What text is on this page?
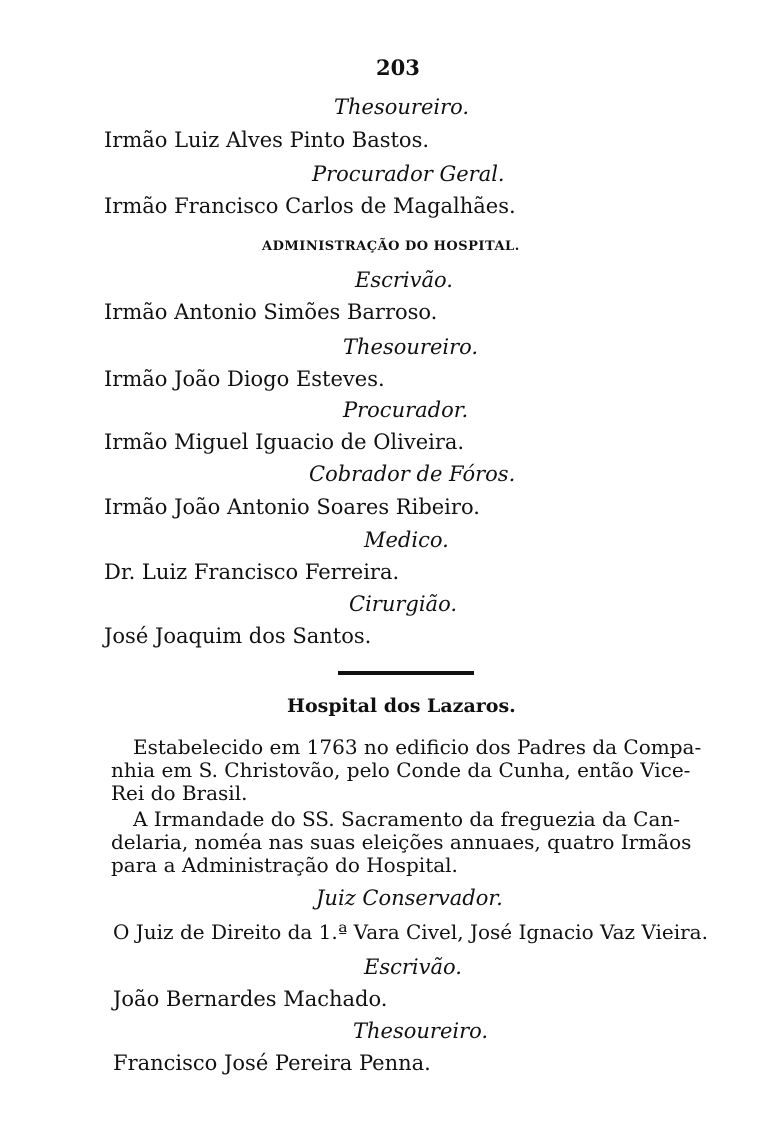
203
Thesoureiro.
Irmão Luiz Alves Pinto Bastos.
Procurador Geral.
Irmão Francisco Carlos de Magalhães.
ADMINISTRAÇÃO DO HOSPITAL.
Escrivão.
Irmão Antonio Simões Barroso.
Thesoureiro.
Irmão João Diogo Esteves.
Procurador.
Irmão Miguel Iguacio de Oliveira.
Cobrador de Fóros.
Irmão João Antonio Soares Ribeiro.
Medico.
Dr. Luiz Francisco Ferreira.
Cirurgião.
José Joaquim dos Santos.
Hospital dos Lazaros.
Estabelecido em 1763 no edificio dos Padres da Compa-
nhia em S. Christovão, pelo Conde da Cunha, então Vice-
Rei do Brasil.
A Irmandade do SS. Sacramento da freguezia da Can-
delaria, noméa nas suas eleições annuaes, quatro Irmãos
para a Administração do Hospital.
Juiz Conservador.
O Juiz de Direito da 1.ª Vara Civel, José Ignacio Vaz Vieira.
Escrivão.
João Bernardes Machado.
Thesoureiro.
Francisco José Pereira Penna.
